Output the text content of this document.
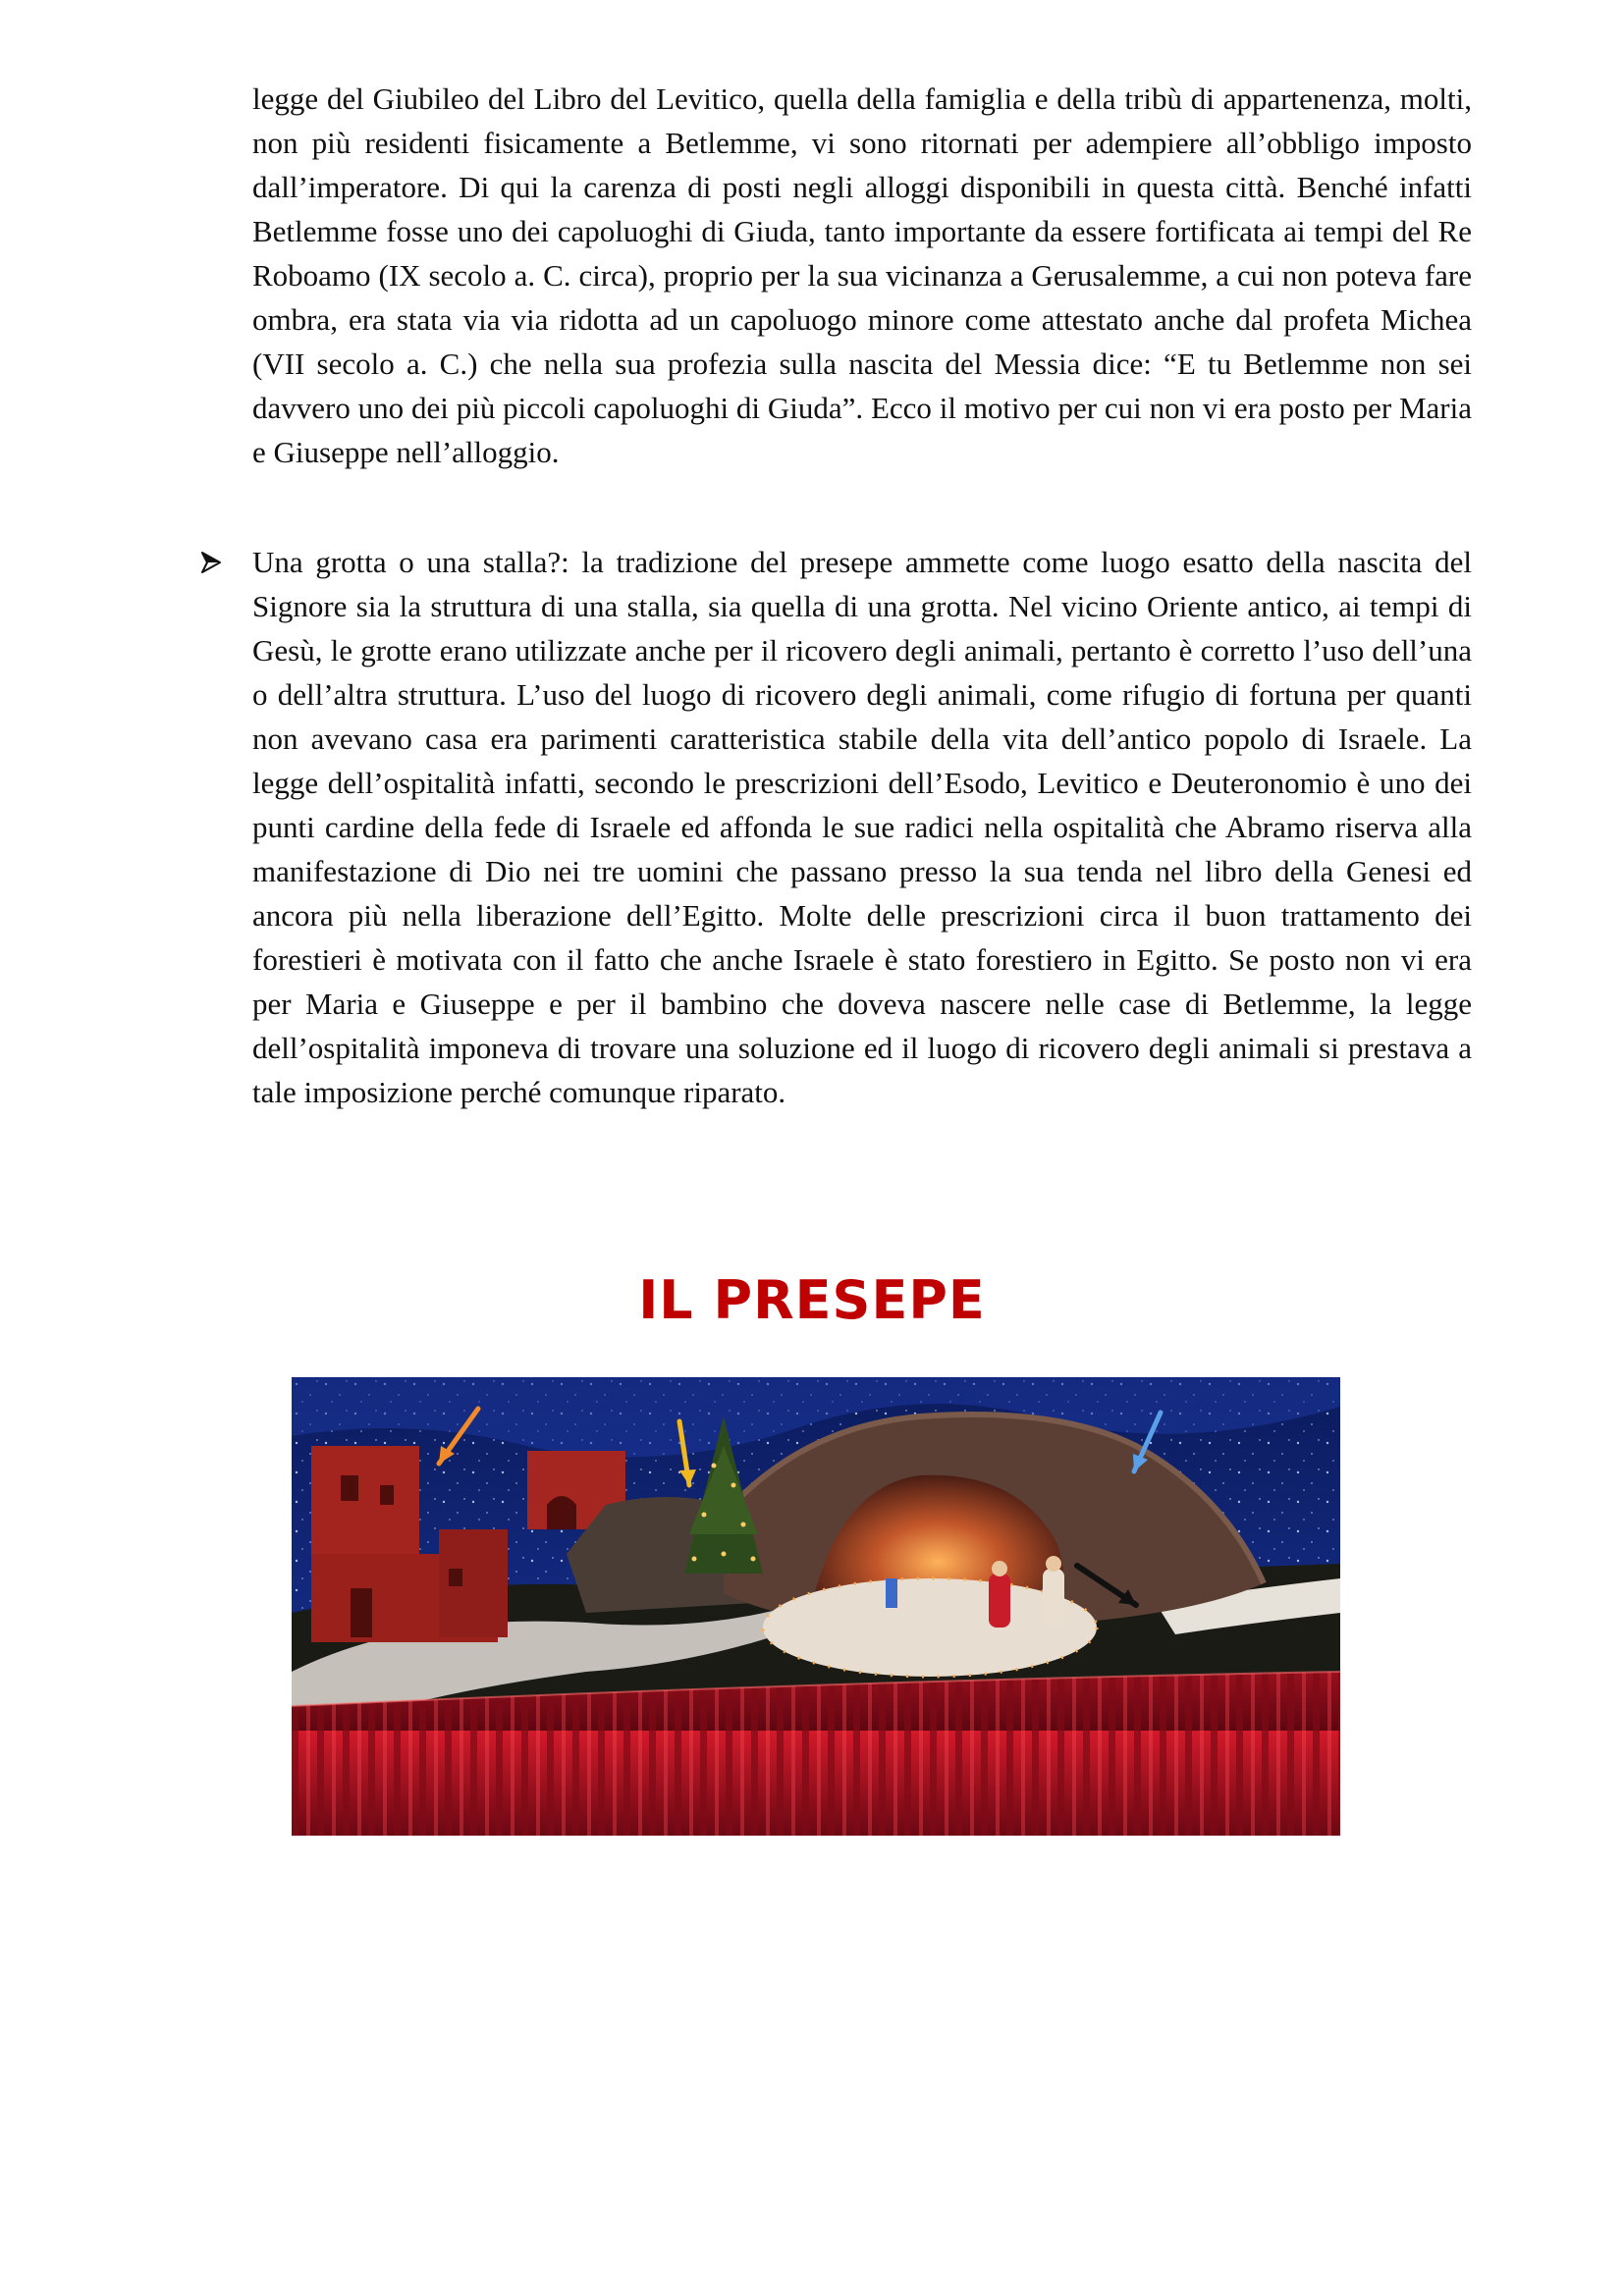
legge del Giubileo del Libro del Levitico, quella della famiglia e della tribù di appartenenza, molti, non più residenti fisicamente a Betlemme, vi sono ritornati per adempiere all’obbligo imposto dall’imperatore. Di qui la carenza di posti negli alloggi disponibili in questa città. Benché infatti Betlemme fosse uno dei capoluoghi di Giuda, tanto importante da essere fortificata ai tempi del Re Roboamo (IX secolo a. C. circa), proprio per la sua vicinanza a Gerusalemme, a cui non poteva fare ombra, era stata via via ridotta ad un capoluogo minore come attestato anche dal profeta Michea (VII secolo a. C.) che nella sua profezia sulla nascita del Messia dice: “E tu Betlemme non sei davvero uno dei più piccoli capoluoghi di Giuda”. Ecco il motivo per cui non vi era posto per Maria e Giuseppe nell’alloggio.

Una grotta o una stalla?: la tradizione del presepe ammette come luogo esatto della nascita del Signore sia la struttura di una stalla, sia quella di una grotta. Nel vicino Oriente antico, ai tempi di Gesù, le grotte erano utilizzate anche per il ricovero degli animali, pertanto è corretto l’uso dell’una o dell’altra struttura. L’uso del luogo di ricovero degli animali, come rifugio di fortuna per quanti non avevano casa era parimenti caratteristica stabile della vita dell’antico popolo di Israele. La legge dell’ospitalità infatti, secondo le prescrizioni dell’Esodo, Levitico e Deuteronomio è uno dei punti cardine della fede di Israele ed affonda le sue radici nella ospitalità che Abramo riserva alla manifestazione di Dio nei tre uomini che passano presso la sua tenda nel libro della Genesi ed ancora più nella liberazione dell’Egitto. Molte delle prescrizioni circa il buon trattamento dei forestieri è motivata con il fatto che anche Israele è stato forestiero in Egitto. Se posto non vi era per Maria e Giuseppe e per il bambino che doveva nascere nelle case di Betlemme, la legge dell’ospitalità imponeva di trovare una soluzione ed il luogo di ricovero degli animali si prestava a tale imposizione perché comunque riparato.

IL PRESEPE
